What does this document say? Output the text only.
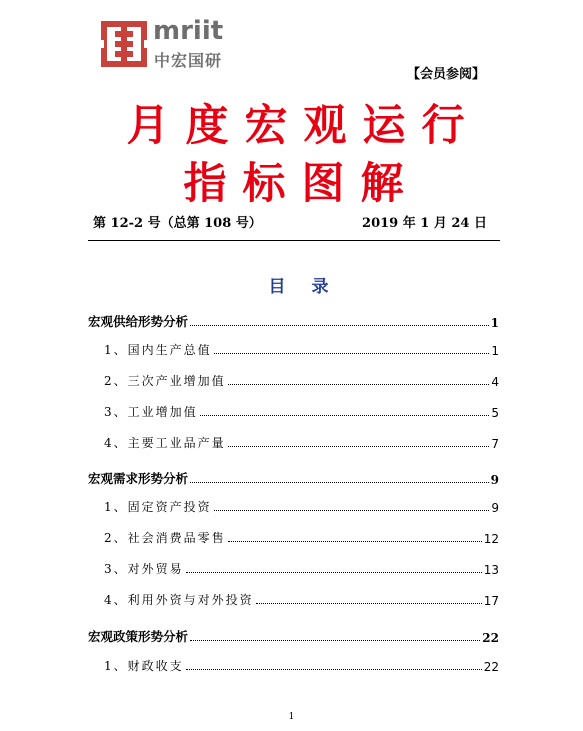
mriit
中宏国研
【会员参阅】
月度宏观运行
指标图解
第 12-2 号（总第 108 号）	2019 年 1 月 24 日
目录
宏观供给形势分析	1
1、国内生产总值	1
2、三次产业增加值	4
3、工业增加值	5
4、主要工业品产量	7
宏观需求形势分析	9
1、固定资产投资	9
2、社会消费品零售	12
3、对外贸易	13
4、利用外资与对外投资	17
宏观政策形势分析	22
1、财政收支	22
1
